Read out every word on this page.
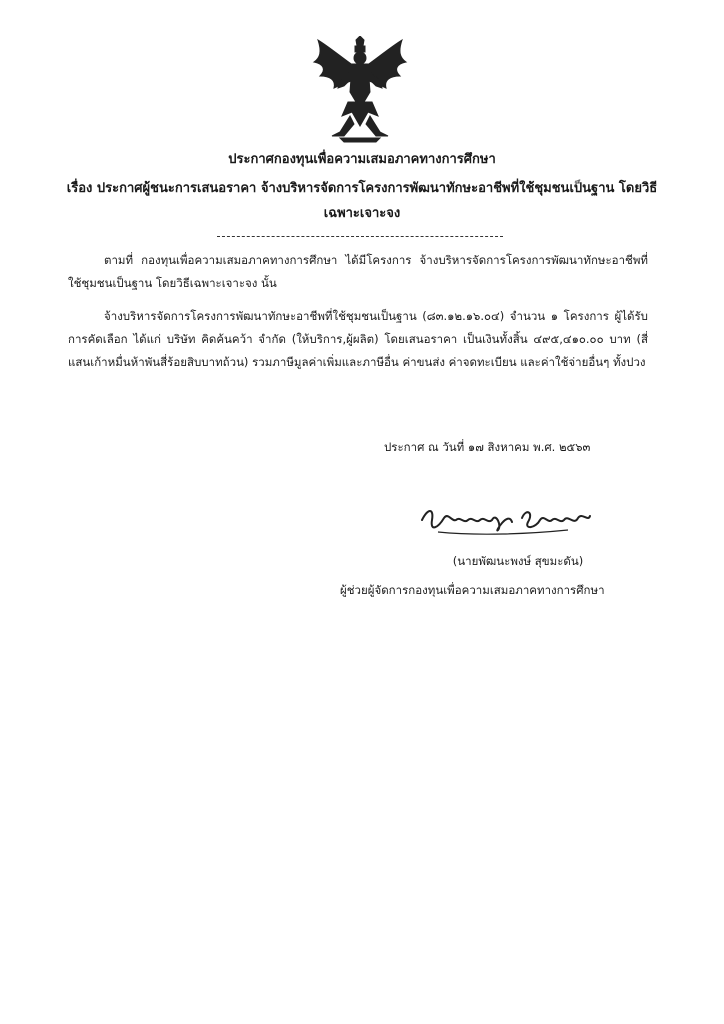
ประกาศกองทุนเพื่อความเสมอภาคทางการศึกษา
เรื่อง ประกาศผู้ชนะการเสนอราคา จ้างบริหารจัดการโครงการพัฒนาทักษะอาชีพที่ใช้ชุมชนเป็นฐาน โดยวิธี
เฉพาะเจาะจง
ตามที่ กองทุนเพื่อความเสมอภาคทางการศึกษา ได้มีโครงการ จ้างบริหารจัดการโครงการพัฒนาทักษะอาชีพที่ใช้ชุมชนเป็นฐาน โดยวิธีเฉพาะเจาะจง นั้น
จ้างบริหารจัดการโครงการพัฒนาทักษะอาชีพที่ใช้ชุมชนเป็นฐาน (๘๓.๑๒.๑๖.๐๔) จำนวน ๑ โครงการ ผู้ได้รับการคัดเลือก ได้แก่ บริษัท คิดค้นคว้า จำกัด (ให้บริการ,ผู้ผลิต) โดยเสนอราคา เป็นเงินทั้งสิ้น ๔๙๕,๔๑๐.๐๐ บาท (สี่แสนเก้าหมื่นห้าพันสี่ร้อยสิบบาทถ้วน) รวมภาษีมูลค่าเพิ่มและภาษีอื่น ค่าขนส่ง ค่าจดทะเบียน และค่าใช้จ่ายอื่นๆ ทั้งปวง
ประกาศ ณ วันที่ ๑๗ สิงหาคม พ.ศ. ๒๕๖๓
(นายพัฒนะพงษ์ สุขมะดัน)
ผู้ช่วยผู้จัดการกองทุนเพื่อความเสมอภาคทางการศึกษา
